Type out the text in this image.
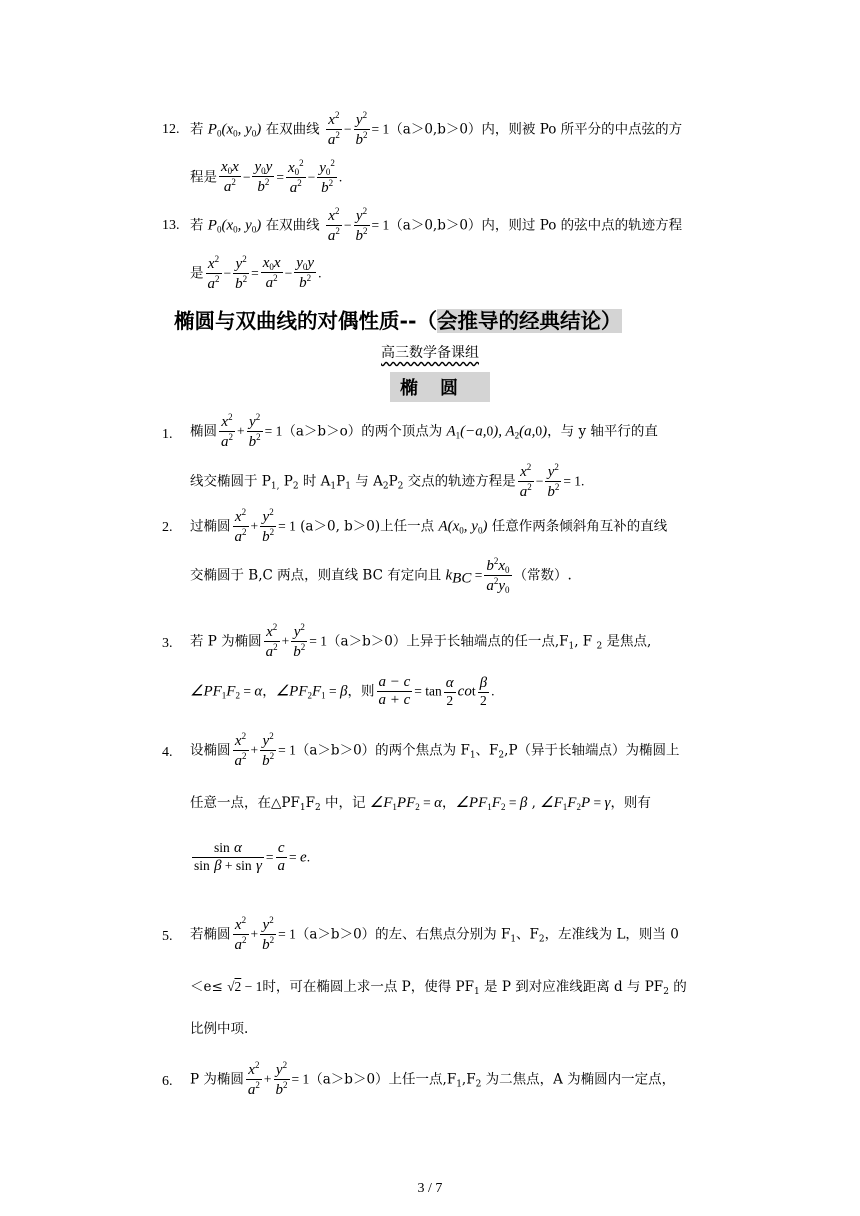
12. 若 $P_0(x_0$, $y_0$) 在双曲线 $\frac{x^2}{a^2} - \frac{y^2}{b^2} = 1(a>0,b>0)$内，则被 Po 所平分的中点弦的方
程是 $\frac{x_0x}{a^2} - \frac{y_0y}{b^2} = \frac{x_0^2}{a^2} - \frac{y_0^2}{b^2}$ .
13. 若 $P_0(x_0$, $y_0$) 在双曲线 $\frac{x^2}{a^2} - \frac{y^2}{b^2} = 1(a>0,b>0)$内，则过 Po 的弦中点的轨迹方程
是 $\frac{x^2}{a^2} - \frac{y^2}{b^2} = \frac{x_0x}{a^2} - \frac{y_0y}{b^2}$ .
椭圆与双曲线的对偶性质--（会推导的经典结论）
高三数学备课组
椭圆
1. 椭圆 $\frac{x^2}{a^2} + \frac{y^2}{b^2} = 1(a>b>o)$的两个顶点为 $A_1(-a,0)$, $A_2(a,0)$，与 y 轴平行的直
线交椭圆于 $P_{1,}$ $P_2$ 时 $A_1P_1$ 与 $A_2P_2$ 交点的轨迹方程是 $\frac{x^2}{a^2} - \frac{y^2}{b^2} = 1$.
2. 过椭圆 $\frac{x^2}{a^2} + \frac{y^2}{b^2} = 1$ (a＞0, b＞0)上任一点 $A(x_0$, $y_0$) 任意作两条倾斜角互补的直线
交椭圆于 B,C 两点，则直线 BC 有定向且 $k_{BC} = \frac{b^2x_0}{a^2y_0}$ （常数）.
3. 若 P 为椭圆 $\frac{x^2}{a^2} + \frac{y^2}{b^2} = 1(a>b>0)$上异于长轴端点的任一点$,F_1$, F $_2$ 是焦点,
$\angle PF_1F_2 = \alpha$，$\angle PF_2F_1 = \beta$，则 $\frac{a - c}{a + c} = \tan \frac{\alpha}{2}$ $\cot \frac{\beta}{2}$ .
4. 设椭圆 $\frac{x^2}{a^2} + \frac{y^2}{b^2} = 1(a>b>0)$的两个焦点为 $F_1$、$F_2,P$（异于长轴端点）为椭圆上
任意一点，在$\triangle PF_1F_2$ 中，记 $\angle F_1PF_2 = \alpha$，$\angle PF_1F_2 = \beta$ , $\angle F_1F_2P = \gamma$，则有
$\frac{\text{sin α}}{\text{sin β + sin γ}} = \frac{c}{a} = e$.
5. 若椭圆 $\frac{x^2}{a^2} + \frac{y^2}{b^2} = 1(a>b>0)$的左、右焦点分别为 $F_1$、$F_2$，左准线为 L，则当 0
＜e≤ √2 − 1时，可在椭圆上求一点 P，使得 $PF_1$ 是 P 到对应准线距离 d 与 $PF_2$ 的
比例中项.
6. P 为椭圆 $\frac{x^2}{a^2} + \frac{y^2}{b^2} = 1(a>b>0)$上任一点$,F_1,F_2$ 为二焦点，A 为椭圆内一定点，
3 / 7
